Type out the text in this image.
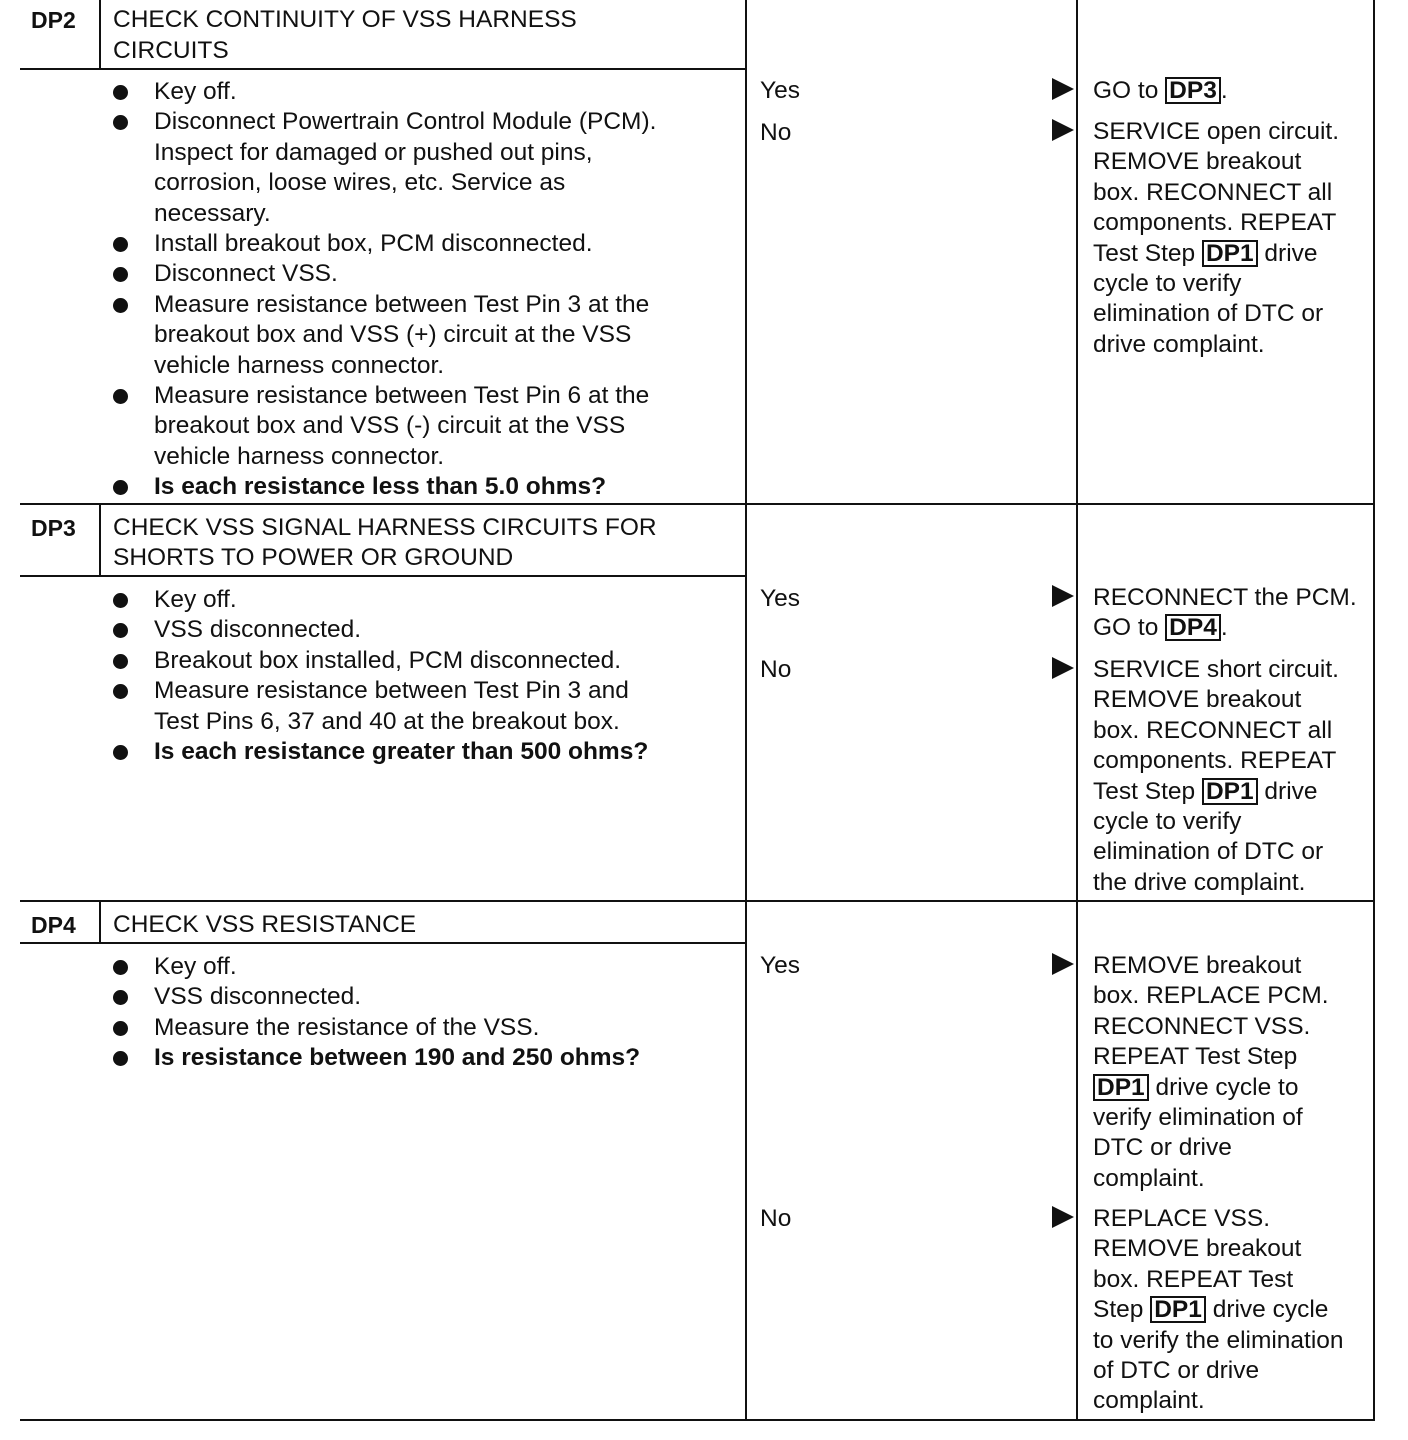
DP2 CHECK CONTINUITY OF VSS HARNESS
CIRCUITS
Key off.
Disconnect Powertrain Control Module (PCM).
Inspect for damaged or pushed out pins,
corrosion, loose wires, etc. Service as
necessary.
Install breakout box, PCM disconnected.
Disconnect VSS.
Measure resistance between Test Pin 3 at the
breakout box and VSS (+) circuit at the VSS
vehicle harness connector.
Measure resistance between Test Pin 6 at the
breakout box and VSS (-) circuit at the VSS
vehicle harness connector.
Is each resistance less than 5.0 ohms?
Yes	GO to DP3 .
No	SERVICE open circuit.
REMOVE breakout
box. RECONNECT all
components. REPEAT
Test Step DP1 drive
cycle to verify
elimination of DTC or
drive complaint.
DP3 CHECK VSS SIGNAL HARNESS CIRCUITS FOR
SHORTS TO POWER OR GROUND
Key off.
VSS disconnected.
Breakout box installed, PCM disconnected.
Measure resistance between Test Pin 3 and
Test Pins 6, 37 and 40 at the breakout box.
Is each resistance greater than 500 ohms?
Yes	RECONNECT the PCM.
GO to DP4 .
No	SERVICE short circuit.
REMOVE breakout
box. RECONNECT all
components. REPEAT
Test Step DP1 drive
cycle to verify
elimination of DTC or
the drive complaint.
DP4 CHECK VSS RESISTANCE
Key off.
VSS disconnected.
Measure the resistance of the VSS.
Is resistance between 190 and 250 ohms?
Yes	REMOVE breakout
box. REPLACE PCM.
RECONNECT VSS.
REPEAT Test Step
DP1 drive cycle to
verify elimination of
DTC or drive
complaint.
No	REPLACE VSS.
REMOVE breakout
box. REPEAT Test
Step DP1 drive cycle
to verify the elimination
of DTC or drive
complaint.
